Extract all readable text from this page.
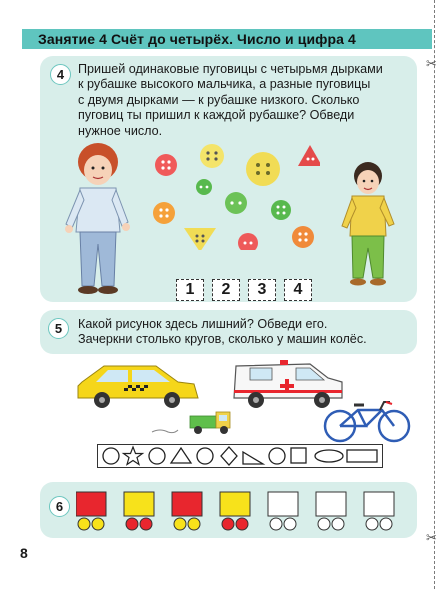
Занятие 4 Счёт до четырёх. Число и цифра 4
✂
✂
4	Пришей одинаковые пуговицы с четырьмя дырками
к рубашке высокого мальчика, а разные пуговицы
с двумя дырками — к рубашке низкого. Сколько
пуговиц ты пришил к каждой рубашке? Обведи
нужное число.
1	2	3	4
5	Какой рисунок здесь лишний? Обведи его.
Зачеркни столько кругов, сколько у машин колёс.
6
8
